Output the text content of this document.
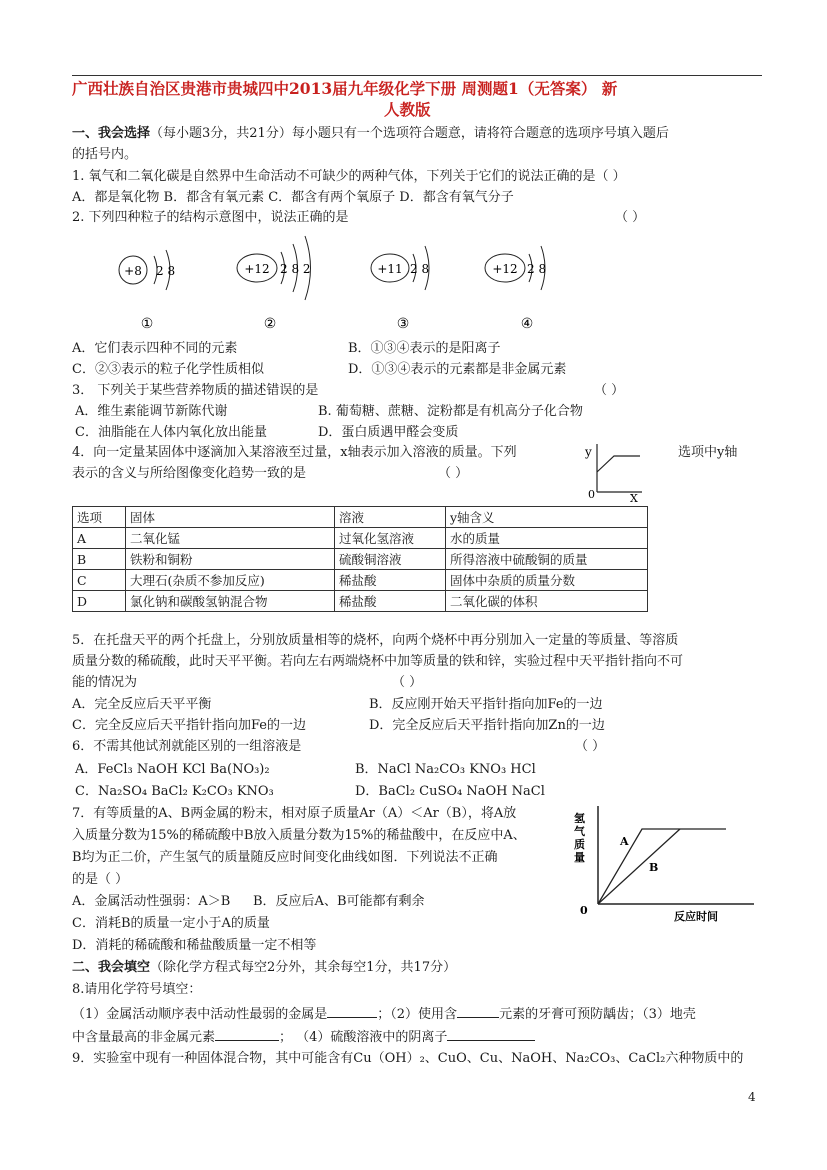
广西壮族自治区贵港市贵城四中2013届九年级化学下册 周测题1（无答案） 新
人教版
一、我会选择（每小题3分，共21分）每小题只有一个选项符合题意，请将符合题意的选项序号填入题后
的括号内。
1. 氧气和二氧化碳是自然界中生命活动不可缺少的两种气体，下列关于它们的说法正确的是（ ）
A．都是氧化物 B．都含有氧元素 C．都含有两个氧原子 D．都含有氧气分子
2. 下列四种粒子的结构示意图中，说法正确的是	（ ）
+8 2 8
①
+12 2 8 2
②
+11 2 8
③
+12 2 8
④
A．它们表示四种不同的元素	B．①③④表示的是阳离子
C．②③表示的粒子化学性质相似	D．①③④表示的元素都是非金属元素
3． 下列关于某些营养物质的描述错误的是	（ ）
A．维生素能调节新陈代谢	B. 葡萄糖、蔗糖、淀粉都是有机高分子化合物
C．油脂能在人体内氧化放出能量	D．蛋白质遇甲醛会变质
4．向一定量某固体中逐滴加入某溶液至过量，x轴表示加入溶液的质量。下列	选项中y轴
表示的含义与所给图像变化趋势一致的是	（ ）
y
0	X
选项	固体	溶液	y轴含义
A	二氧化锰	过氧化氢溶液	水的质量
B	铁粉和铜粉	硫酸铜溶液	所得溶液中硫酸铜的质量
C	大理石(杂质不参加反应)	稀盐酸	固体中杂质的质量分数
D	氯化钠和碳酸氢钠混合物	稀盐酸	二氧化碳的体积
5．在托盘天平的两个托盘上，分别放质量相等的烧杯，向两个烧杯中再分别加入一定量的等质量、等溶质
质量分数的稀硫酸，此时天平平衡。若向左右两端烧杯中加等质量的铁和锌，实验过程中天平指针指向不可
能的情况为	（ ）
A．完全反应后天平平衡	B．反应刚开始天平指针指向加Fe的一边
C．完全反应后天平指针指向加Fe的一边	D．完全反应后天平指针指向加Zn的一边
6．不需其他试剂就能区别的一组溶液是	（ ）
A．FeCl₃ NaOH KCl Ba(NO₃)₂	B．NaCl Na₂CO₃ KNO₃ HCl
C．Na₂SO₄ BaCl₂ K₂CO₃ KNO₃	D．BaCl₂ CuSO₄ NaOH NaCl
7．有等质量的A、B两金属的粉末，相对原子质量Ar（A）＜Ar（B），将A放
入质量分数为15%的稀硫酸中B放入质量分数为15%的稀盐酸中，在反应中A、
B均为正二价，产生氢气的质量随反应时间变化曲线如图．下列说法不正确
的是（ ）
A．金属活动性强弱：A＞B B．反应后A、B可能都有剩余
C．消耗B的质量一定小于A的质量
D．消耗的稀硫酸和稀盐酸质量一定不相等
A
B
0	反应时间
氢
气
质
量
二、我会填空（除化学方程式每空2分外，其余每空1分，共17分）
8.请用化学符号填空：
（1）金属活动顺序表中活动性最弱的金属是	；（2）使用含	元素的牙膏可预防龋齿；（3）地壳
中含量最高的非金属元素	； （4）硫酸溶液中的阴离子
9．实验室中现有一种固体混合物，其中可能含有Cu（OH）₂、CuO、Cu、NaOH、Na₂CO₃、CaCl₂六种物质中的
4
